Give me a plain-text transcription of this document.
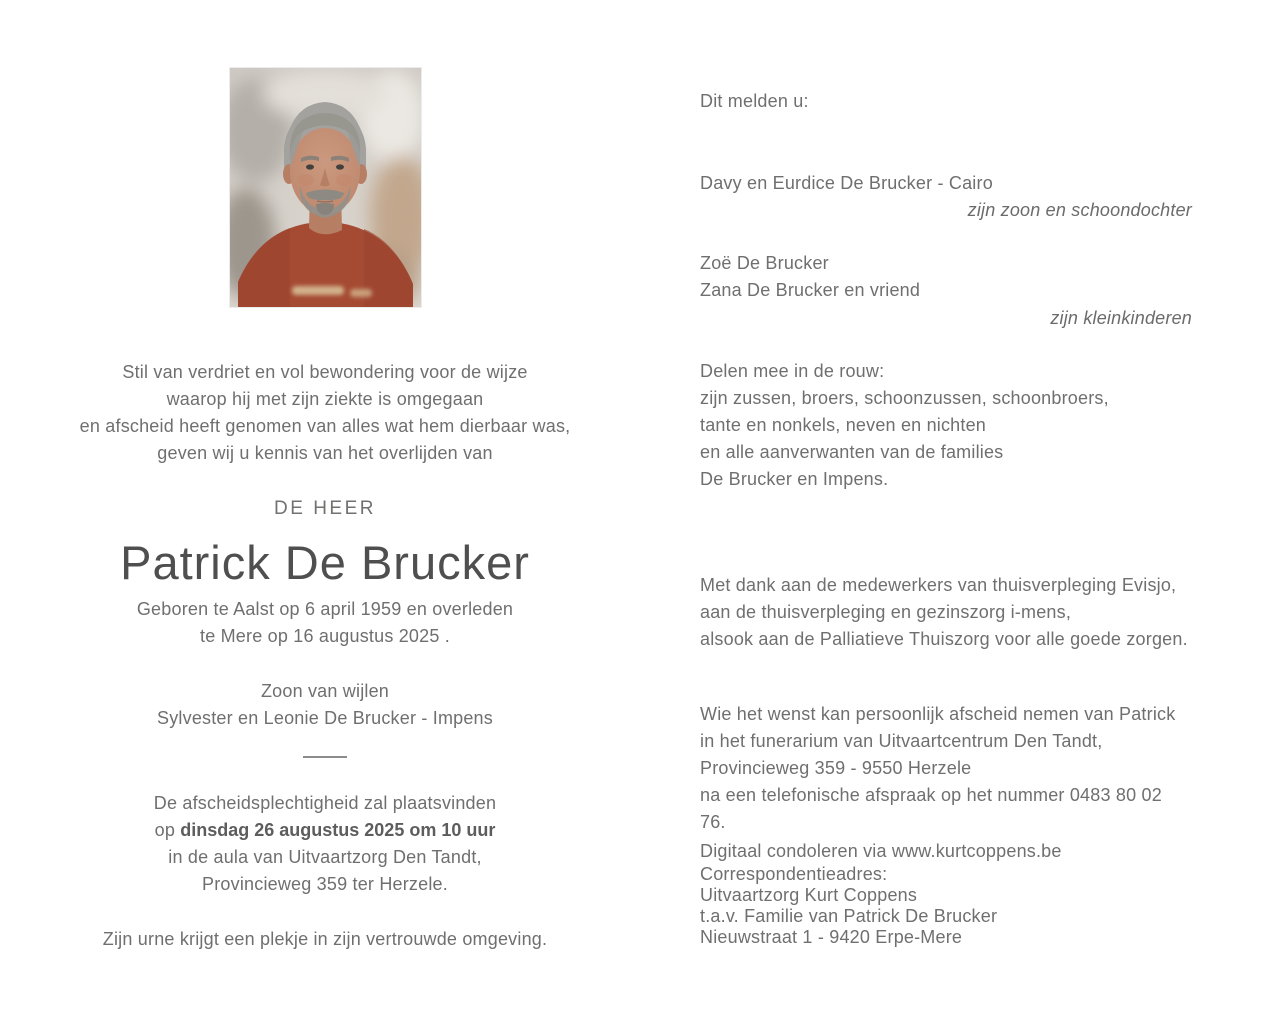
Stil van verdriet en vol bewondering voor de wijze
waarop hij met zijn ziekte is omgegaan
en afscheid heeft genomen van alles wat hem dierbaar was,
geven wij u kennis van het overlijden van

DE HEER

Patrick De Brucker

Geboren te Aalst op 6 april 1959 en overleden
te Mere op 16 augustus 2025 .

Zoon van wijlen
Sylvester en Leonie De Brucker - Impens

De afscheidsplechtigheid zal plaatsvinden
op dinsdag 26 augustus 2025 om 10 uur
in de aula van Uitvaartzorg Den Tandt,
Provincieweg 359 ter Herzele.

Zijn urne krijgt een plekje in zijn vertrouwde omgeving.

Dit melden u:

Davy en Eurdice De Brucker - Cairo

zijn zoon en schoondochter

Zoë De Brucker
Zana De Brucker en vriend

zijn kleinkinderen

Delen mee in de rouw:
zijn zussen, broers, schoonzussen, schoonbroers,
tante en nonkels, neven en nichten
en alle aanverwanten van de families
De Brucker en Impens.

Met dank aan de medewerkers van thuisverpleging Evisjo,
aan de thuisverpleging en gezinszorg i-mens,
alsook aan de Palliatieve Thuiszorg voor alle goede zorgen.

Wie het wenst kan persoonlijk afscheid nemen van Patrick
in het funerarium van Uitvaartcentrum Den Tandt,
Provincieweg 359 - 9550 Herzele
na een telefonische afspraak op het nummer 0483 80 02 76.

Digitaal condoleren via www.kurtcoppens.be

Correspondentieadres:
Uitvaartzorg Kurt Coppens
t.a.v. Familie van Patrick De Brucker
Nieuwstraat 1 - 9420 Erpe-Mere
